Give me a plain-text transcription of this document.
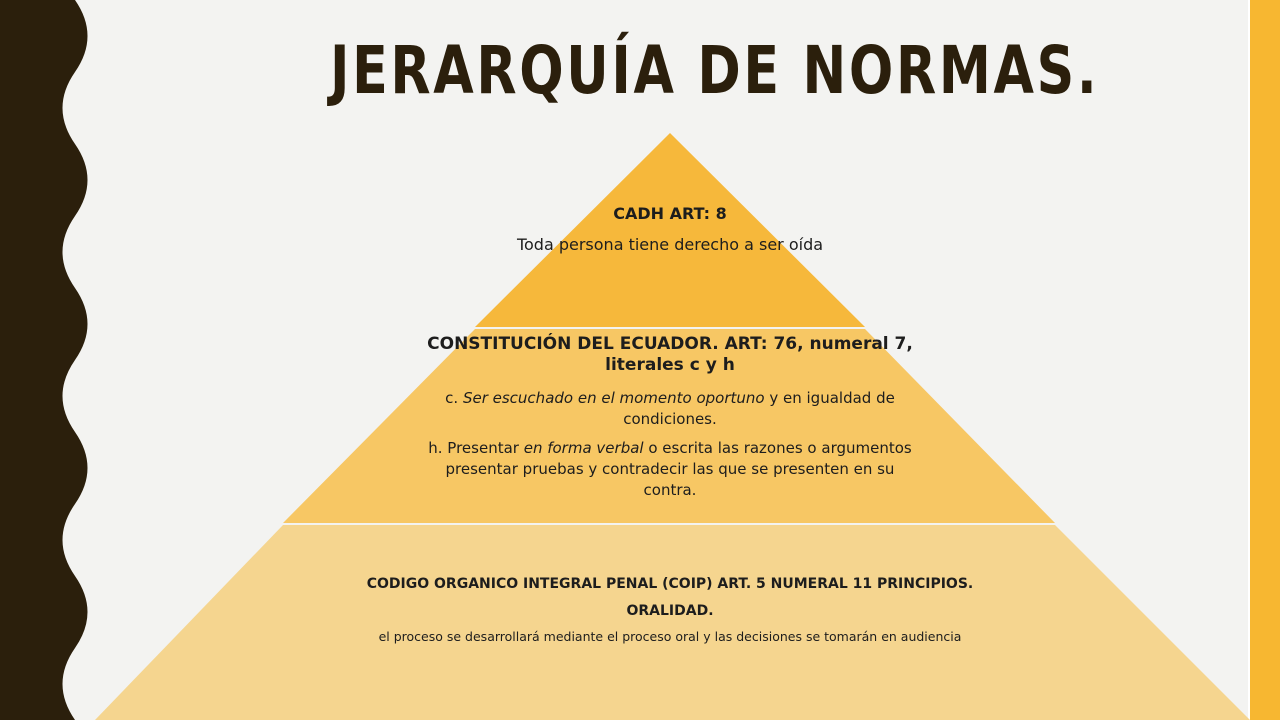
JERARQUÍA DE NORMAS.

CADH ART: 8

Toda persona tiene derecho a ser oída

CONSTITUCIÓN DEL ECUADOR. ART: 76, numeral 7, literales c y h

c. Ser escuchado en el momento oportuno y en igualdad de condiciones.

h. Presentar en forma verbal o escrita las razones o argumentos presentar pruebas y contradecir las que se presenten en su contra.

CODIGO ORGANICO INTEGRAL PENAL (COIP) ART. 5 NUMERAL 11 PRINCIPIOS.

ORALIDAD.

el proceso se desarrollará mediante el proceso oral y las decisiones se tomarán en audiencia
